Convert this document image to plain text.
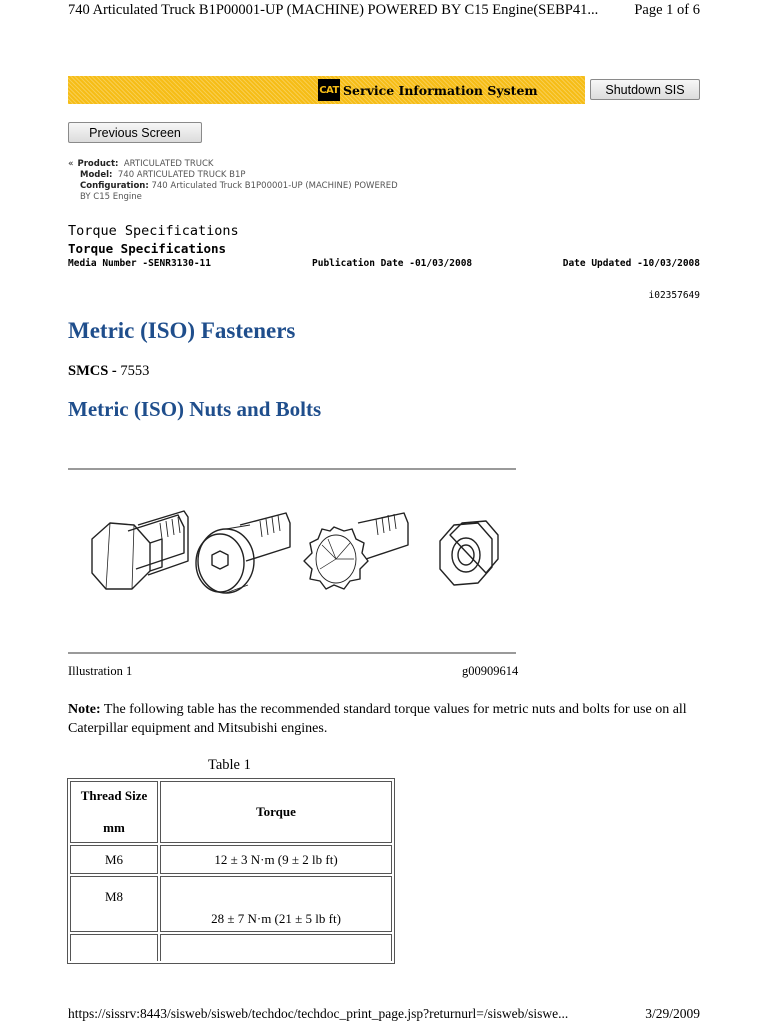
740 Articulated Truck B1P00001-UP (MACHINE) POWERED BY C15 Engine(SEBP41... Page 1 of 6
CAT Service Information System	Shutdown SIS
Previous Screen
« Product: ARTICULATED TRUCK
Model: 740 ARTICULATED TRUCK B1P
Configuration: 740 Articulated Truck B1P00001-UP (MACHINE) POWERED
BY C15 Engine
Torque Specifications
Torque Specifications
Media Number -SENR3130-11	Publication Date -01/03/2008	Date Updated -10/03/2008
i02357649
Metric (ISO) Fasteners
SMCS - 7553
Metric (ISO) Nuts and Bolts
Illustration 1	g00909614
Note: The following table has the recommended standard torque values for metric nuts and bolts for use on all Caterpillar equipment and Mitsubishi engines.
Table 1
Thread Size
mm	Torque
M6	12 ± 3 N·m (9 ± 2 lb ft)
M8	28 ± 7 N·m (21 ± 5 lb ft)

https://sissrv:8443/sisweb/sisweb/techdoc/techdoc_print_page.jsp?returnurl=/sisweb/siswe...	3/29/2009
